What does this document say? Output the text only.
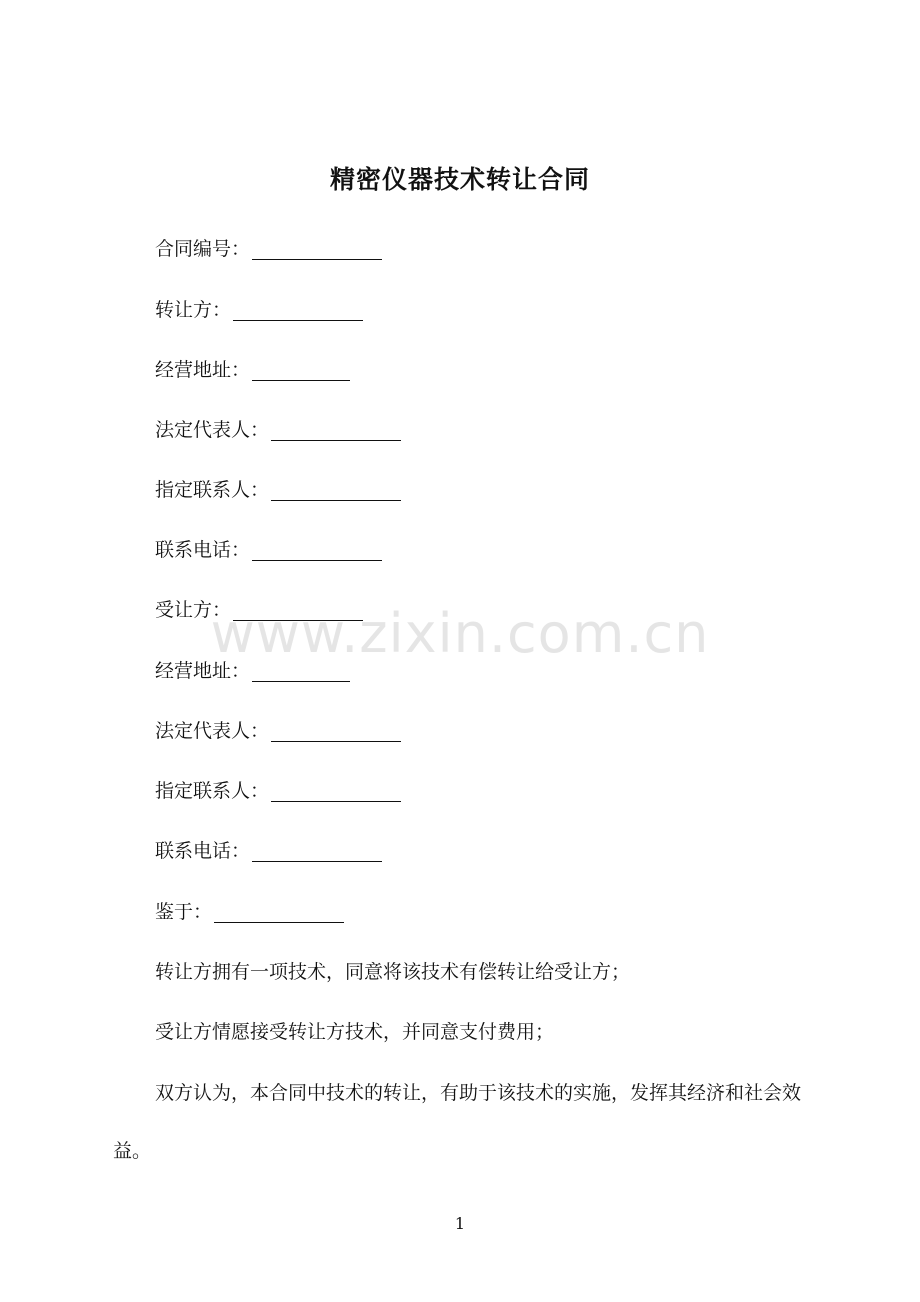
精密仪器技术转让合同
合同编号：
转让方：
经营地址：
法定代表人：
指定联系人：
联系电话：
受让方：
经营地址：
法定代表人：
指定联系人：
联系电话：
鉴于：
转让方拥有一项技术，同意将该技术有偿转让给受让方；
受让方情愿接受转让方技术，并同意支付费用；
双方认为，本合同中技术的转让，有助于该技术的实施，发挥其经济和社会效益。
www.zixin.com.cn
1
